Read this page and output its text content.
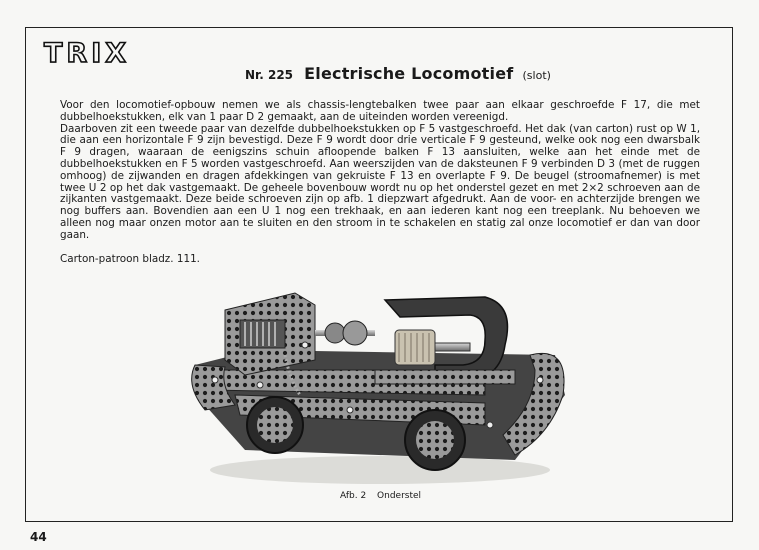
TRIX
Nr. 225 Electrische Locomotief (slot)

Voor den locomotief-opbouw nemen we als chassis-lengtebalken twee paar aan elkaar geschroefde F 17, die met dubbelhoekstukken, elk van 1 paar D 2 gemaakt, aan de uiteinden worden vereenigd.

Daarboven zit een tweede paar van dezelfde dubbelhoekstukken op F 5 vastgeschroefd. Het dak (van carton) rust op W 1, die aan een horizontale F 9 zijn bevestigd. Deze F 9 wordt door drie verticale F 9 gesteund, welke ook nog een dwarsbalk F 9 dragen, waaraan de eenigszins schuin afloopende balken F 13 aansluiten, welke aan het einde met de dubbelhoekstukken en F 5 worden vastgeschroefd. Aan weerszijden van de daksteunen F 9 verbinden D 3 (met de ruggen omhoog) de zijwanden en dragen afdekkingen van gekruiste F 13 en overlapte F 9. De beugel (stroomafnemer) is met twee U 2 op het dak vastgemaakt. De geheele bovenbouw wordt nu op het onderstel gezet en met 2×2 schroeven aan de zijkanten vastgemaakt. Deze beide schroeven zijn op afb. 1 diepzwart afgedrukt. Aan de voor- en achterzijde brengen we nog buffers aan. Bovendien aan een U 1 nog een trekhaak, en aan iederen kant nog een treeplank. Nu behoeven we alleen nog maar onzen motor aan te sluiten en den stroom in te schakelen en statig zal onze locomotief er dan van door gaan.

Carton-patroon bladz. 111.
Afb. 2 Onderstel
44
